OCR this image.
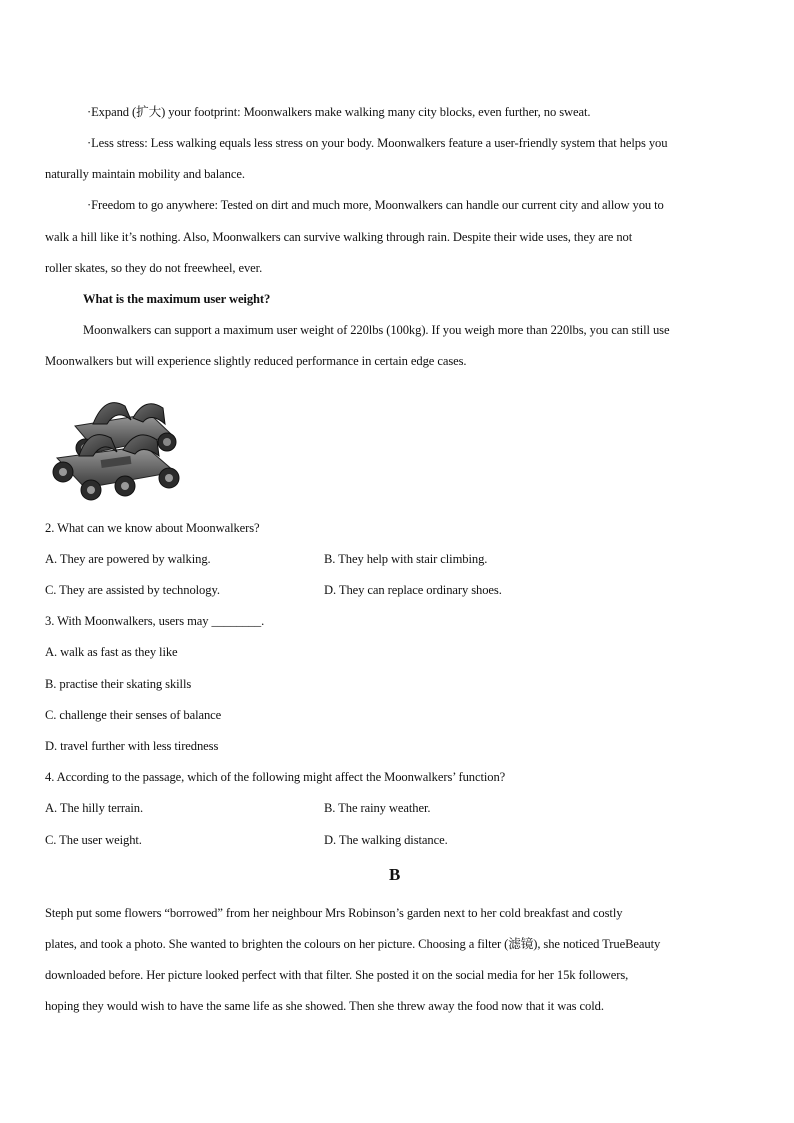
·Expand (扩大) your footprint: Moonwalkers make walking many city blocks, even further, no sweat.
·Less stress: Less walking equals less stress on your body. Moonwalkers feature a user-friendly system that helps you
naturally maintain mobility and balance.
·Freedom to go anywhere: Tested on dirt and much more, Moonwalkers can handle our current city and allow you to
walk a hill like it’s nothing. Also, Moonwalkers can survive walking through rain. Despite their wide uses, they are not
roller skates, so they do not freewheel, ever.
What is the maximum user weight?
Moonwalkers can support a maximum user weight of 220lbs (100kg). If you weigh more than 220lbs, you can still use
Moonwalkers but will experience slightly reduced performance in certain edge cases.
2. What can we know about Moonwalkers?
A. They are powered by walking.	B. They help with stair climbing.
C. They are assisted by technology.	D. They can replace ordinary shoes.
3. With Moonwalkers, users may ________.
A. walk as fast as they like
B. practise their skating skills
C. challenge their senses of balance
D. travel further with less tiredness
4. According to the passage, which of the following might affect the Moonwalkers’ function?
A. The hilly terrain.	B. The rainy weather.
C. The user weight.	D. The walking distance.
B
Steph put some flowers “borrowed” from her neighbour Mrs Robinson’s garden next to her cold breakfast and costly
plates, and took a photo. She wanted to brighten the colours on her picture. Choosing a filter (滤镜), she noticed TrueBeauty
downloaded before. Her picture looked perfect with that filter. She posted it on the social media for her 15k followers,
hoping they would wish to have the same life as she showed. Then she threw away the food now that it was cold.
